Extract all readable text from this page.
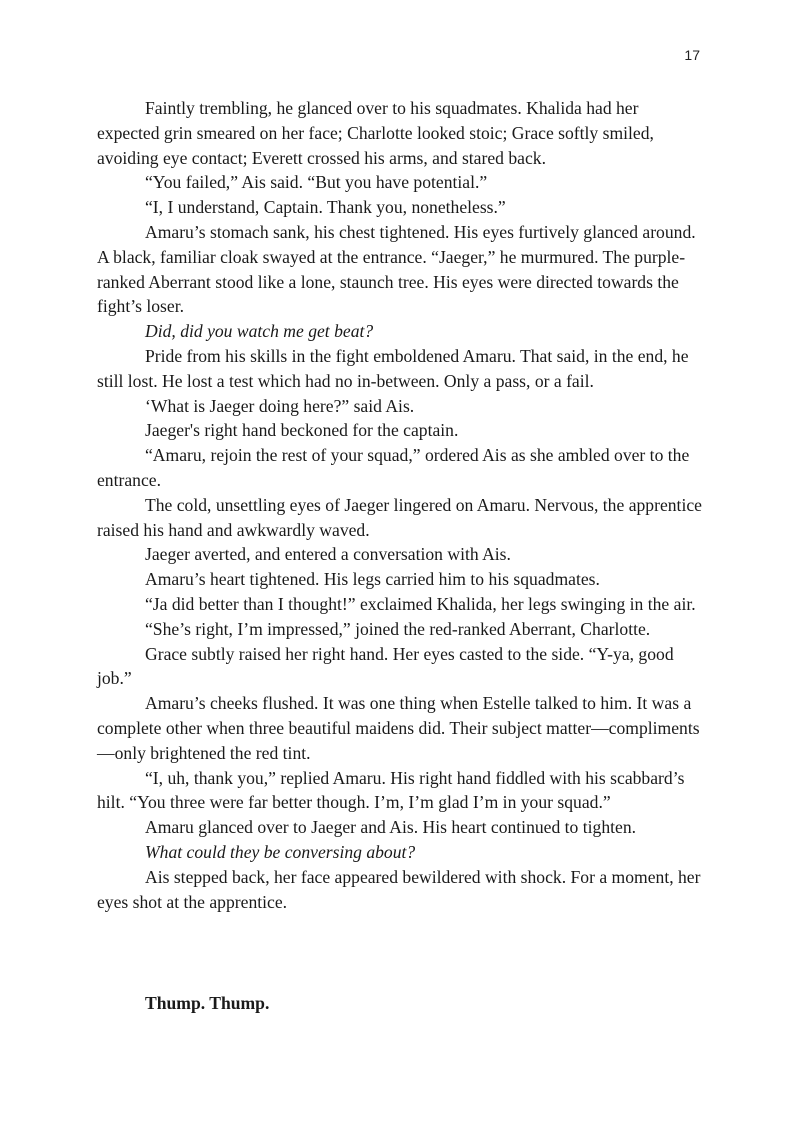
17

Faintly trembling, he glanced over to his squadmates. Khalida had her expected grin smeared on her face; Charlotte looked stoic; Grace softly smiled, avoiding eye contact; Everett crossed his arms, and stared back.

“You failed,” Ais said. “But you have potential.”

“I, I understand, Captain. Thank you, nonetheless.”

Amaru’s stomach sank, his chest tightened. His eyes furtively glanced around. A black, familiar cloak swayed at the entrance. “Jaeger,” he murmured. The purple-ranked Aberrant stood like a lone, staunch tree. His eyes were directed towards the fight’s loser.

Did, did you watch me get beat?

Pride from his skills in the fight emboldened Amaru. That said, in the end, he still lost. He lost a test which had no in-between. Only a pass, or a fail.

‘What is Jaeger doing here?” said Ais.

Jaeger's right hand beckoned for the captain.

“Amaru, rejoin the rest of your squad,” ordered Ais as she ambled over to the entrance.

The cold, unsettling eyes of Jaeger lingered on Amaru. Nervous, the apprentice raised his hand and awkwardly waved.

Jaeger averted, and entered a conversation with Ais.

Amaru’s heart tightened. His legs carried him to his squadmates.

“Ja did better than I thought!” exclaimed Khalida, her legs swinging in the air.

“She’s right, I’m impressed,” joined the red-ranked Aberrant, Charlotte.

Grace subtly raised her right hand. Her eyes casted to the side. “Y-ya, good job.”

Amaru’s cheeks flushed. It was one thing when Estelle talked to him. It was a complete other when three beautiful maidens did. Their subject matter—compliments—only brightened the red tint.

“I, uh, thank you,” replied Amaru. His right hand fiddled with his scabbard’s hilt. “You three were far better though. I’m, I’m glad I’m in your squad.”

Amaru glanced over to Jaeger and Ais. His heart continued to tighten.

What could they be conversing about?

Ais stepped back, her face appeared bewildered with shock. For a moment, her eyes shot at the apprentice.

Thump. Thump.
